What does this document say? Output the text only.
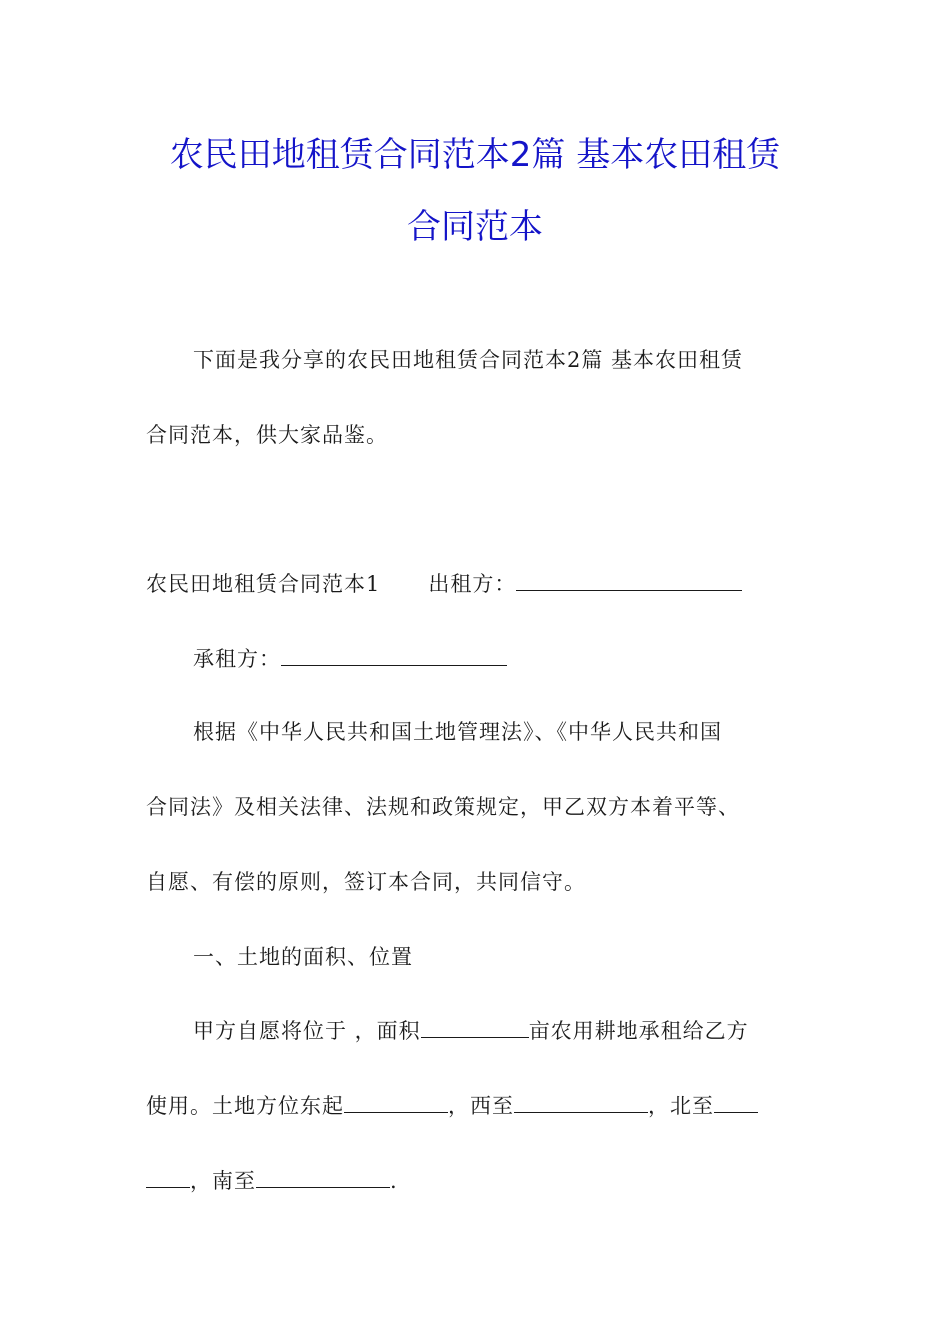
农民田地租赁合同范本2篇 基本农田租赁
合同范本
下面是我分享的农民田地租赁合同范本2篇 基本农田租赁
合同范本，供大家品鉴。
农民田地租赁合同范本1 出租方：
承租方：
根据《中华人民共和国土地管理法》、《中华人民共和国
合同法》及相关法律、法规和政策规定，甲乙双方本着平等、
自愿、有偿的原则，签订本合同，共同信守。
一、土地的面积、位置
甲方自愿将位于 ，面积	亩农用耕地承租给乙方
使用。土地方位东起	，西至	，北至
，南至	.
